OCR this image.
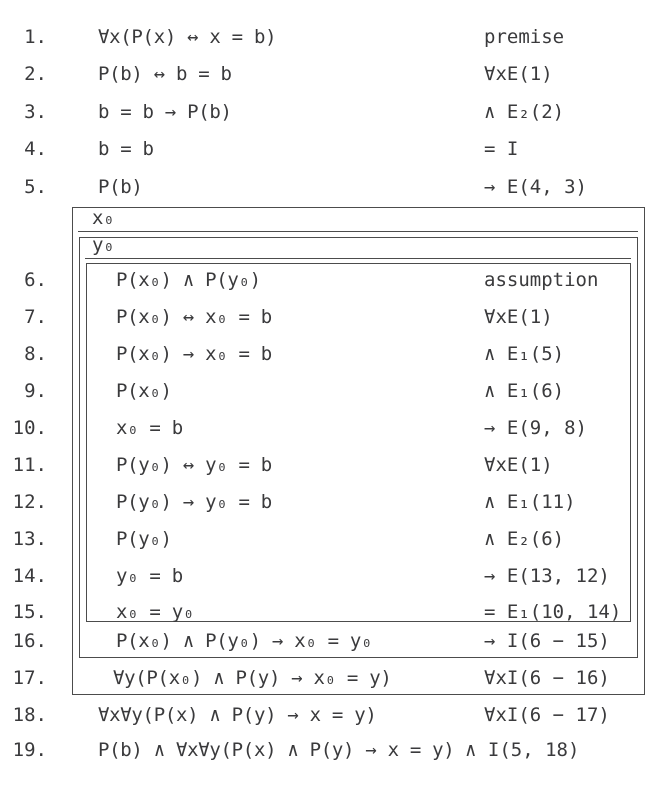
x₀
y₀
1.	∀x(P(x) ↔ x = b)	premise
2.	P(b) ↔ b = b	∀xE(1)
3.	b = b → P(b)	∧ E₂(2)
4.	b = b	= I
5.	P(b)	→ E(4, 3)
6.	P(x₀) ∧ P(y₀)	assumption
7.	P(x₀) ↔ x₀ = b	∀xE(1)
8.	P(x₀) → x₀ = b	∧ E₁(5)
9.	P(x₀)	∧ E₁(6)
10.	x₀ = b	→ E(9, 8)
11.	P(y₀) ↔ y₀ = b	∀xE(1)
12.	P(y₀) → y₀ = b	∧ E₁(11)
13.	P(y₀)	∧ E₂(6)
14.	y₀ = b	→ E(13, 12)
15.	x₀ = y₀	= E₁(10, 14)
16.	P(x₀) ∧ P(y₀) → x₀ = y₀	→ I(6 − 15)
17.	∀y(P(x₀) ∧ P(y) → x₀ = y)	∀xI(6 − 16)
18.	∀x∀y(P(x) ∧ P(y) → x = y)	∀xI(6 − 17)
19.	P(b) ∧ ∀x∀y(P(x) ∧ P(y) → x = y) ∧ I(5, 18)
